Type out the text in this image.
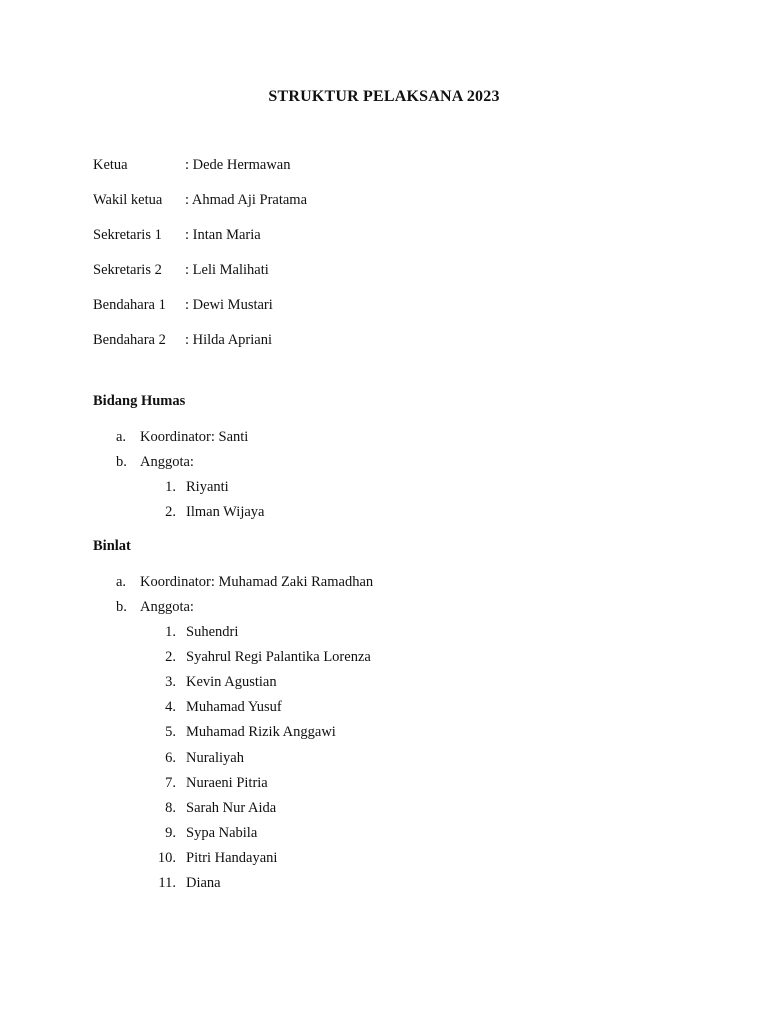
STRUKTUR PELAKSANA 2023
Ketua	: Dede Hermawan
Wakil ketua	: Ahmad Aji Pratama
Sekretaris 1	: Intan Maria
Sekretaris 2	: Leli Malihati
Bendahara 1	: Dewi Mustari
Bendahara 2	: Hilda Apriani
Bidang Humas
a. Koordinator: Santi
b. Anggota:
1. Riyanti
2. Ilman Wijaya
Binlat
a. Koordinator: Muhamad Zaki Ramadhan
b. Anggota:
1. Suhendri
2. Syahrul Regi Palantika Lorenza
3. Kevin Agustian
4. Muhamad Yusuf
5. Muhamad Rizik Anggawi
6. Nuraliyah
7. Nuraeni Pitria
8. Sarah Nur Aida
9. Sypa Nabila
10. Pitri Handayani
11. Diana
